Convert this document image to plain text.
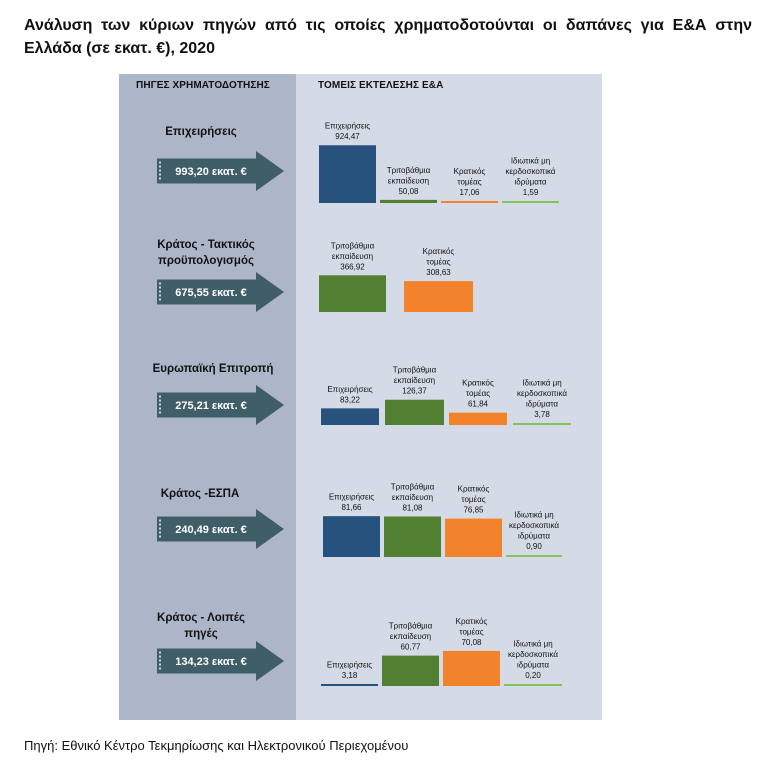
Ανάλυση των κύριων πηγών από τις οποίες χρηματοδοτούνται οι δαπάνες για Ε&Α στην Ελλάδα (σε εκατ. €), 2020
ΠΗΓΕΣ ΧΡΗΜΑΤΟΔΟΤΗΣΗΣ	ΤΟΜΕΙΣ ΕΚΤΕΛΕΣΗΣ Ε&Α
Επιχειρήσεις
993,20 εκατ. €
Επιχειρήσεις 924,47
Τριτοβάθμια εκπαίδευση 50,08
Κρατικός τομέας 17,06
Ιδιωτικά μη κερδοσκοπικά ιδρύματα 1,59
Κράτος - Τακτικός προϋπολογισμός
675,55 εκατ. €
Τριτοβάθμια εκπαίδευση 366,92
Κρατικός τομέας 308,63
Ευρωπαϊκή Επιτροπή
275,21 εκατ. €
Επιχειρήσεις 83,22
Τριτοβάθμια εκπαίδευση 126,37
Κρατικός τομέας 61,84
Ιδιωτικά μη κερδοσκοπικά ιδρύματα 3,78
Κράτος -ΕΣΠΑ
240,49 εκατ. €
Επιχειρήσεις 81,66
Τριτοβάθμια εκπαίδευση 81,08
Κρατικός τομέας 76,85
Ιδιωτικά μη κερδοσκοπικά ιδρύματα 0,90
Κράτος - Λοιπές πηγές
134,23 εκατ. €	Επιχειρήσεις 3,18
Τριτοβάθμια εκπαίδευση 60,77
Κρατικός τομέας 70,08	Ιδιωτικά μη κερδοσκοπικά ιδρύματα 0,20
Πηγή: Εθνικό Κέντρο Τεκμηρίωσης και Ηλεκτρονικού Περιεχομένου
